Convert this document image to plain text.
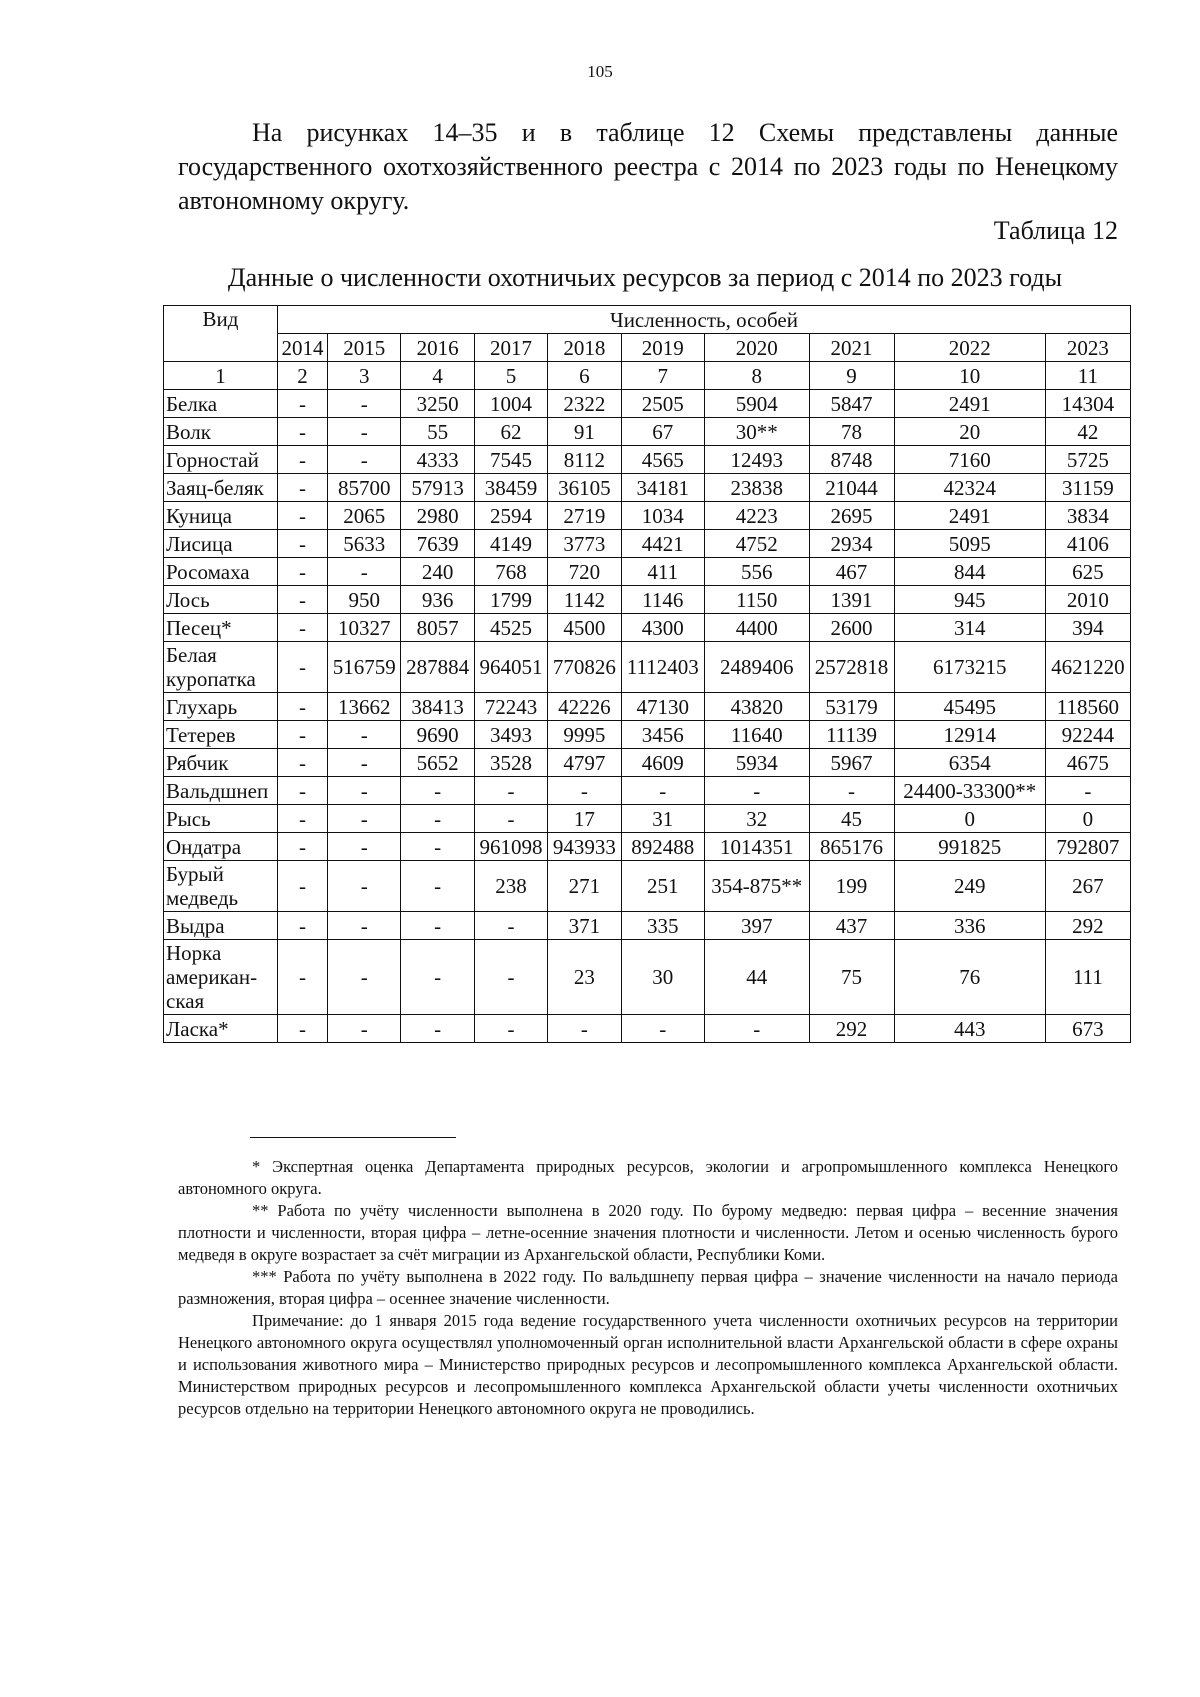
105

На рисунках 14–35 и в таблице 12 Схемы представлены данные государственного охотхозяйственного реестра с 2014 по 2023 годы по Ненецкому автономному округу.

Таблица 12
Данные о численности охотничьих ресурсов за период с 2014 по 2023 годы
Вид	Численность, особей									
	2014	2015	2016	2017	2018	2019	2020	2021	2022	2023
1	2	3	4	5	6	7	8	9	10	11
Белка	-	-	3250	1004	2322	2505	5904	5847	2491	14304
Волк	-	-	55	62	91	67	30**	78	20	42
Горностай	-	-	4333	7545	8112	4565	12493	8748	7160	5725
Заяц-беляк	-	85700	57913	38459	36105	34181	23838	21044	42324	31159
Куница	-	2065	2980	2594	2719	1034	4223	2695	2491	3834
Лисица	-	5633	7639	4149	3773	4421	4752	2934	5095	4106
Росомаха	-	-	240	768	720	411	556	467	844	625
Лось	-	950	936	1799	1142	1146	1150	1391	945	2010
Песец*	-	10327	8057	4525	4500	4300	4400	2600	314	394
Белая куропатка	-	516759	287884	964051	770826	1112403	2489406	2572818	6173215	4621220
Глухарь	-	13662	38413	72243	42226	47130	43820	53179	45495	118560
Тетерев	-	-	9690	3493	9995	3456	11640	11139	12914	92244
Рябчик	-	-	5652	3528	4797	4609	5934	5967	6354	4675
Вальдшнеп	-	-	-	-	-	-	-	-	24400-33300**	-
Рысь	-	-	-	-	17	31	32	45	0	0
Ондатра	-	-	-	961098	943933	892488	1014351	865176	991825	792807
Бурый медведь	-	-	-	238	271	251	354-875**	199	249	267
Выдра	-	-	-	-	371	335	397	437	336	292
Норка американ-ская	-	-	-	-	23	30	44	75	76	111
Ласка*	-	-	-	-	-	-	-	292	443	673

* Экспертная оценка Департамента природных ресурсов, экологии и агропромышленного комплекса Ненецкого автономного округа.

** Работа по учёту численности выполнена в 2020 году. По бурому медведю: первая цифра – весенние значения плотности и численности, вторая цифра – летне-осенние значения плотности и численности. Летом и осенью численность бурого медведя в округе возрастает за счёт миграции из Архангельской области, Республики Коми.

*** Работа по учёту выполнена в 2022 году. По вальдшнепу первая цифра – значение численности на начало периода размножения, вторая цифра – осеннее значение численности.

Примечание: до 1 января 2015 года ведение государственного учета численности охотничьих ресурсов на территории Ненецкого автономного округа осуществлял уполномоченный орган исполнительной власти Архангельской области в сфере охраны и использования животного мира – Министерство природных ресурсов и лесопромышленного комплекса Архангельской области. Министерством природных ресурсов и лесопромышленного комплекса Архангельской области учеты численности охотничьих ресурсов отдельно на территории Ненецкого автономного округа не проводились.
